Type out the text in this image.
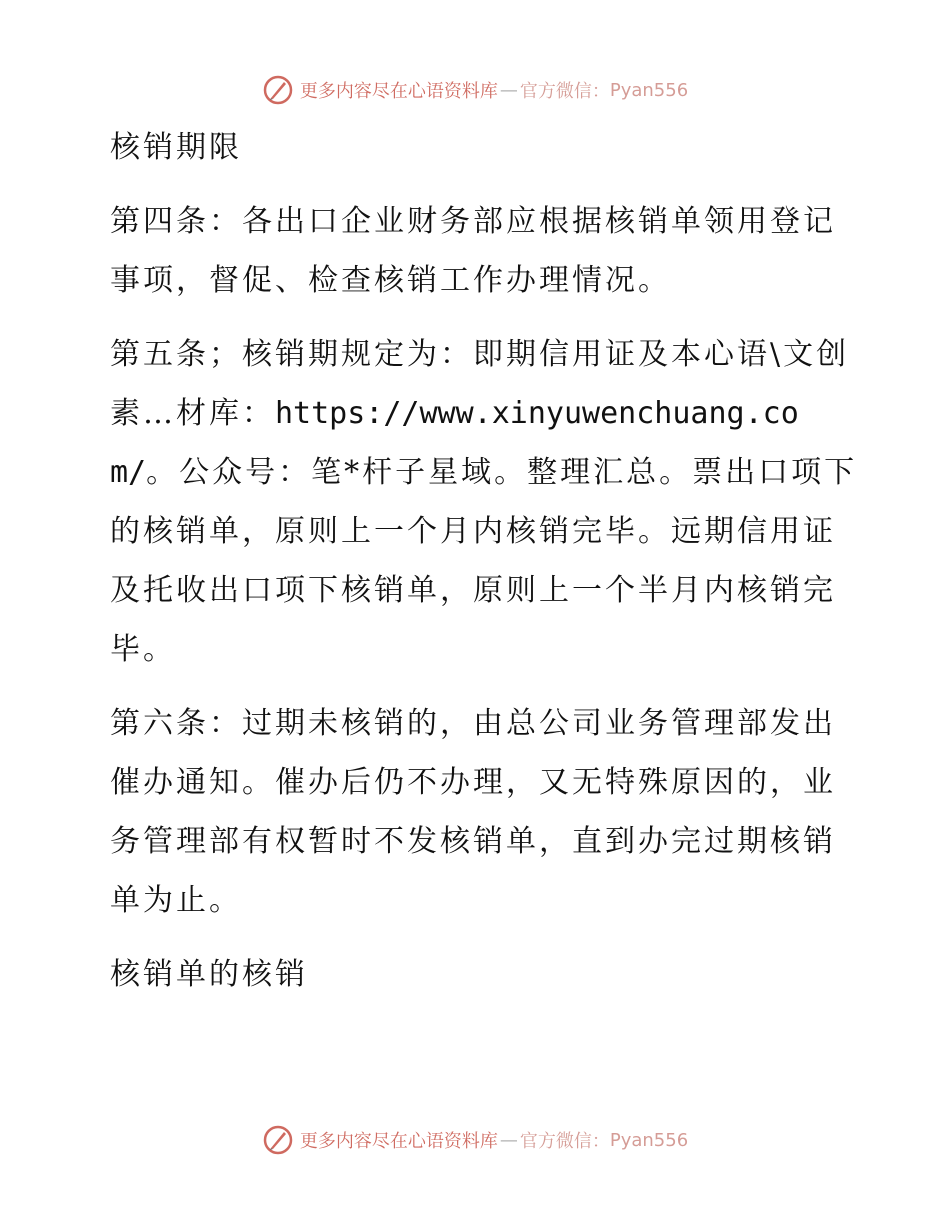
更多内容尽在心语资料库 — 官方微信： Pyan556

核销期限

第四条：各出口企业财务部应根据核销单领用登记事项，督促、检查核销工作办理情况。

第五条；核销期规定为：即期信用证及本心语\文创素…材库：https://www.xinyuwenchuang.com/。公众号：笔*杆子星域。整理汇总。票出口项下的核销单，原则上一个月内核销完毕。远期信用证及托收出口项下核销单，原则上一个半月内核销完毕。

第六条：过期未核销的，由总公司业务管理部发出催办通知。催办后仍不办理，又无特殊原因的，业务管理部有权暂时不发核销单，直到办完过期核销单为止。

核销单的核销

更多内容尽在心语资料库 — 官方微信： Pyan556
